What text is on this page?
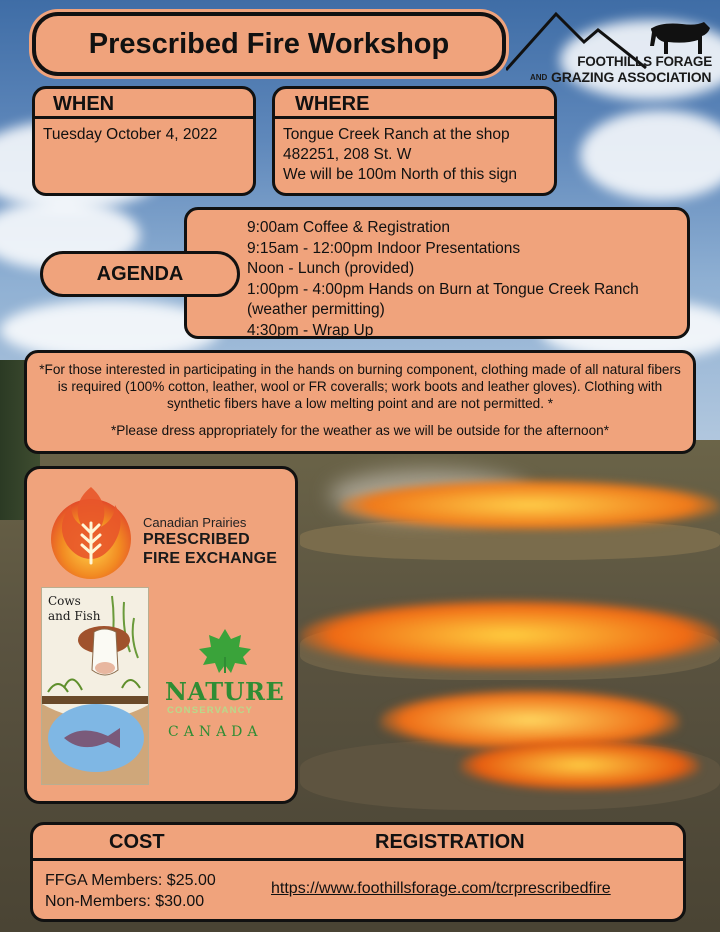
FOOTHILLS FORAGE
AND GRAZING ASSOCIATION
Prescribed Fire Workshop
WHEN
Tuesday October 4, 2022
WHERE
Tongue Creek Ranch at the shop
482251, 208 St. W
We will be 100m North of this sign
9:00am Coffee & Registration
9:15am - 12:00pm Indoor Presentations
Noon - Lunch (provided)
1:00pm - 4:00pm Hands on Burn at Tongue Creek Ranch
(weather permitting)
4:30pm - Wrap Up
AGENDA

*For those interested in participating in the hands on burning component, clothing made of all natural fibers is required (100% cotton, leather, wool or FR coveralls; work boots and leather gloves). Clothing with synthetic fibers have a low melting point and are not permitted. *

*Please dress appropriately for the weather as we will be outside for the afternoon*

Canadian Prairies
PRESCRIBED
FIRE EXCHANGE
Cows
and Fish
NATURE
CONSERVANCY
CANADA
COST	REGISTRATION
FFGA Members: $25.00
Non-Members: $30.00
https://www.foothillsforage.com/tcrprescribedfire
